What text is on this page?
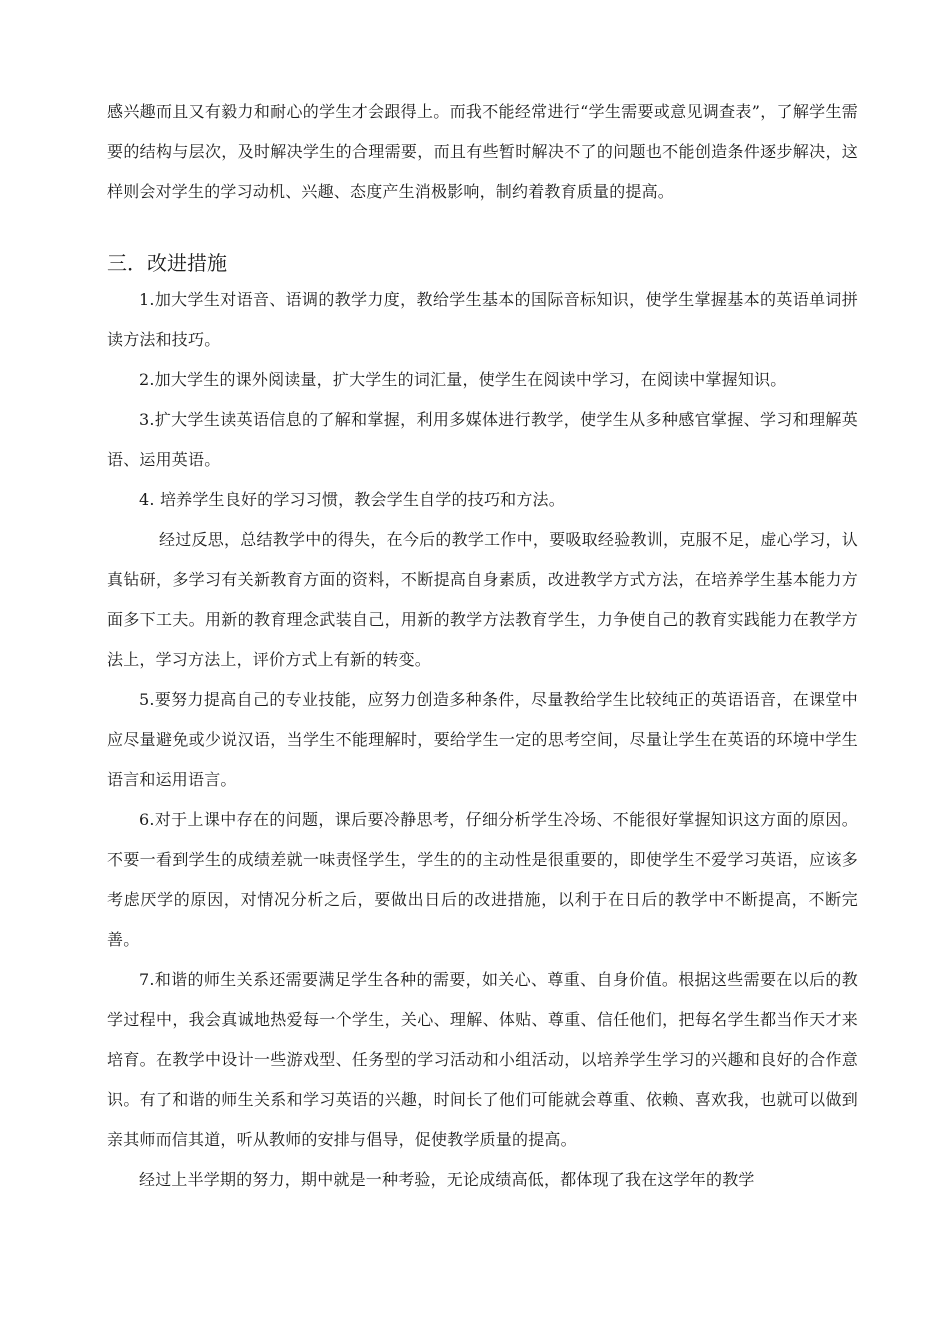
感兴趣而且又有毅力和耐心的学生才会跟得上。而我不能经常进行“学生需要或意见调查表”，了解学生需要的结构与层次，及时解决学生的合理需要，而且有些暂时解决不了的问题也不能创造条件逐步解决，这样则会对学生的学习动机、兴趣、态度产生消极影响，制约着教育质量的提高。

三．改进措施

1.加大学生对语音、语调的教学力度，教给学生基本的国际音标知识，使学生掌握基本的英语单词拼读方法和技巧。

2.加大学生的课外阅读量，扩大学生的词汇量，使学生在阅读中学习，在阅读中掌握知识。

3.扩大学生读英语信息的了解和掌握，利用多媒体进行教学，使学生从多种感官掌握、学习和理解英语、运用英语。

4. 培养学生良好的学习习惯，教会学生自学的技巧和方法。

经过反思，总结教学中的得失，在今后的教学工作中，要吸取经验教训，克服不足，虚心学习，认真钻研，多学习有关新教育方面的资料，不断提高自身素质，改进教学方式方法，在培养学生基本能力方面多下工夫。用新的教育理念武装自己，用新的教学方法教育学生，力争使自己的教育实践能力在教学方法上，学习方法上，评价方式上有新的转变。

5.要努力提高自己的专业技能，应努力创造多种条件，尽量教给学生比较纯正的英语语音，在课堂中应尽量避免或少说汉语，当学生不能理解时，要给学生一定的思考空间，尽量让学生在英语的环境中学生语言和运用语言。

6.对于上课中存在的问题，课后要冷静思考，仔细分析学生冷场、不能很好掌握知识这方面的原因。不要一看到学生的成绩差就一味责怪学生，学生的的主动性是很重要的，即使学生不爱学习英语，应该多考虑厌学的原因，对情况分析之后，要做出日后的改进措施，以利于在日后的教学中不断提高，不断完善。

7.和谐的师生关系还需要满足学生各种的需要，如关心、尊重、自身价值。根据这些需要在以后的教学过程中，我会真诚地热爱每一个学生，关心、理解、体贴、尊重、信任他们，把每名学生都当作天才来培育。在教学中设计一些游戏型、任务型的学习活动和小组活动，以培养学生学习的兴趣和良好的合作意识。有了和谐的师生关系和学习英语的兴趣，时间长了他们可能就会尊重、依赖、喜欢我，也就可以做到亲其师而信其道，听从教师的安排与倡导，促使教学质量的提高。

经过上半学期的努力，期中就是一种考验，无论成绩高低，都体现了我在这学年的教学
